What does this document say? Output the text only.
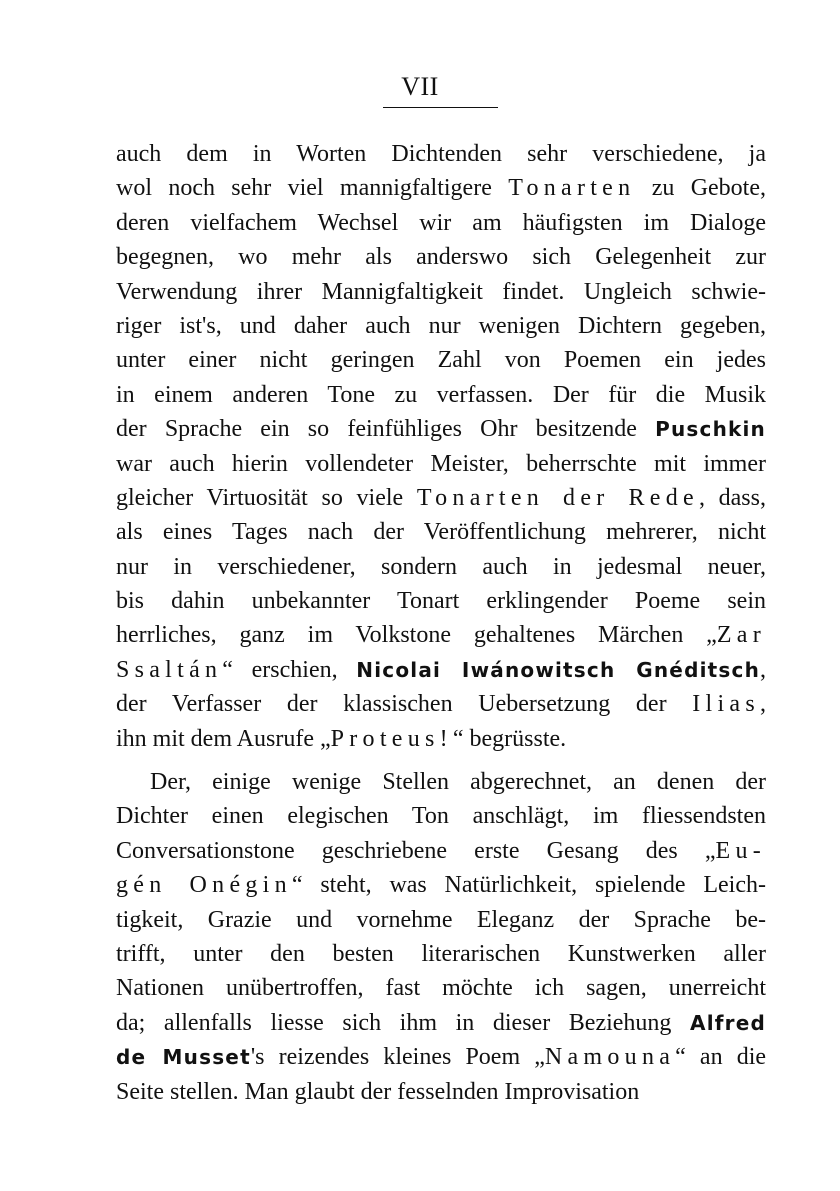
VII
auch dem in Worten Dichtenden sehr verschiedene, ja
wol noch sehr viel mannigfaltigere Tonarten zu Gebote,
deren vielfachem Wechsel wir am häufigsten im Dialoge
begegnen, wo mehr als anderswo sich Gelegenheit zur
Verwendung ihrer Mannigfaltigkeit findet. Ungleich schwie-
riger ist's, und daher auch nur wenigen Dichtern gegeben,
unter einer nicht geringen Zahl von Poemen ein jedes
in einem anderen Tone zu verfassen. Der für die Musik
der Sprache ein so feinfühliges Ohr besitzende Puschkin
war auch hierin vollendeter Meister, beherrschte mit immer
gleicher Virtuosität so viele Tonarten der Rede, dass,
als eines Tages nach der Veröffentlichung mehrerer, nicht
nur in verschiedener, sondern auch in jedesmal neuer,
bis dahin unbekannter Tonart erklingender Poeme sein
herrliches, ganz im Volkstone gehaltenes Märchen „Zar
Ssaltán“ erschien, Nicolai Iwánowitsch Gnéditsch,
der Verfasser der klassischen Uebersetzung der Ilias,
ihn mit dem Ausrufe „Proteus!“ begrüsste.
Der, einige wenige Stellen abgerechnet, an denen der
Dichter einen elegischen Ton anschlägt, im fliessendsten
Conversationstone geschriebene erste Gesang des „Eu-
gén Onégin“ steht, was Natürlichkeit, spielende Leich-
tigkeit, Grazie und vornehme Eleganz der Sprache be-
trifft, unter den besten literarischen Kunstwerken aller
Nationen unübertroffen, fast möchte ich sagen, unerreicht
da; allenfalls liesse sich ihm in dieser Beziehung Alfred
de Musset's reizendes kleines Poem „Namouna“ an die
Seite stellen. Man glaubt der fesselnden Improvisation
